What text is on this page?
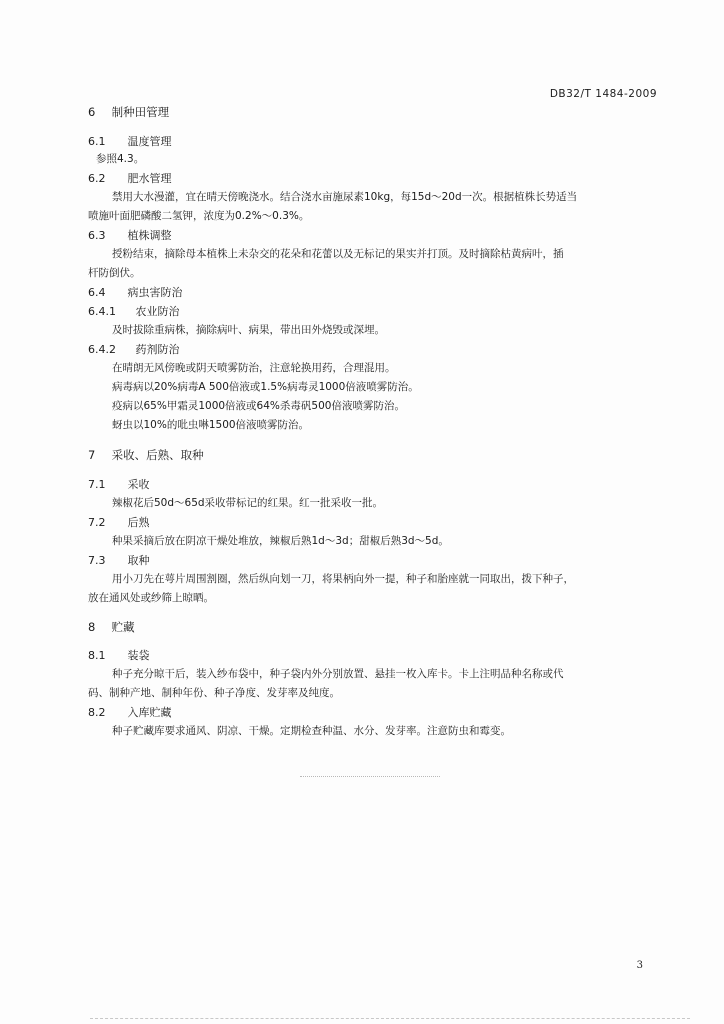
DB32/T 1484-2009
6 制种田管理
6.1 温度管理
参照4.3。
6.2 肥水管理
禁用大水漫灌，宜在晴天傍晚浇水。结合浇水亩施尿素10kg，每15d～20d一次。根据植株长势适当
喷施叶面肥磷酸二氢钾，浓度为0.2%～0.3%。
6.3 植株调整
授粉结束，摘除母本植株上未杂交的花朵和花蕾以及无标记的果实并打顶。及时摘除枯黄病叶，插
杆防倒伏。
6.4 病虫害防治
6.4.1 农业防治
及时拔除重病株，摘除病叶、病果，带出田外烧毁或深埋。
6.4.2 药剂防治
在晴朗无风傍晚或阴天喷雾防治，注意轮换用药，合理混用。
病毒病以20%病毒A 500倍液或1.5%病毒灵1000倍液喷雾防治。
疫病以65%甲霜灵1000倍液或64%杀毒矾500倍液喷雾防治。
蚜虫以10%的吡虫啉1500倍液喷雾防治。
7 采收、后熟、取种
7.1 采收
辣椒花后50d～65d采收带标记的红果。红一批采收一批。
7.2 后熟
种果采摘后放在阴凉干燥处堆放，辣椒后熟1d～3d；甜椒后熟3d～5d。
7.3 取种
用小刀先在萼片周围割圈，然后纵向划一刀，将果柄向外一提，种子和胎座就一同取出，拨下种子，
放在通风处或纱筛上晾晒。
8 贮藏
8.1 装袋
种子充分晾干后，装入纱布袋中，种子袋内外分别放置、悬挂一枚入库卡。卡上注明品种名称或代
码、制种产地、制种年份、种子净度、发芽率及纯度。
8.2 入库贮藏
种子贮藏库要求通风、阴凉、干燥。定期检查种温、水分、发芽率。注意防虫和霉变。
3
